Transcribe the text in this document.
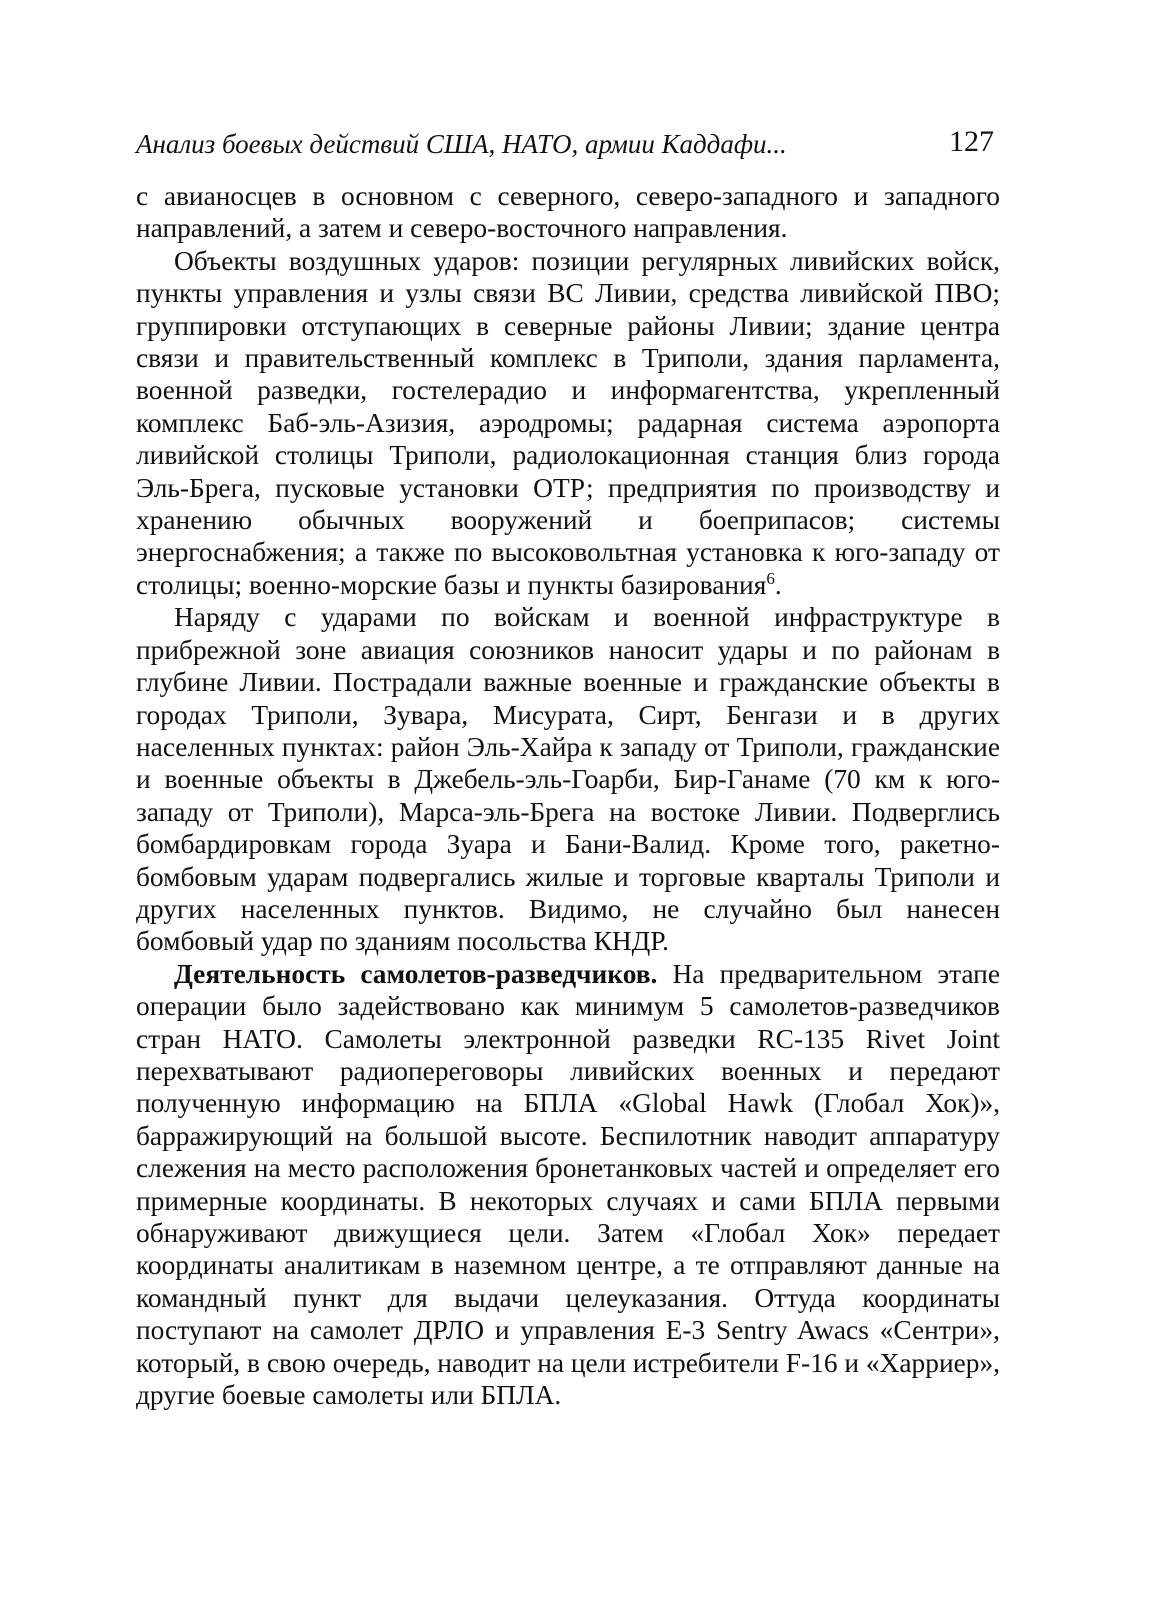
Анализ боевых действий США, НАТО, армии Каддафи...	127

с авианосцев в основном с северного, северо-западного и западного направлений, а затем и северо-восточного направления.

Объекты воздушных ударов: позиции регулярных ливийских войск, пункты управления и узлы связи ВС Ливии, средства ливийской ПВО; группировки отступающих в северные районы Ливии; здание центра связи и правительственный комплекс в Триполи, здания парламента, военной разведки, гостелерадио и информагентства, укрепленный комплекс Баб-эль-Азизия, аэродромы; радарная система аэропорта ливийской столицы Триполи, радиолокационная станция близ города Эль-Брега, пусковые установки ОТР; предприятия по производству и хранению обычных вооружений и боеприпасов; системы энергоснабжения; а также по высоковольтная установка к юго-западу от столицы; военно-морские базы и пункты базирования$^6$.

Наряду с ударами по войскам и военной инфраструктуре в прибрежной зоне авиация союзников наносит удары и по районам в глубине Ливии. Пострадали важные военные и гражданские объекты в городах Триполи, Зувара, Мисурата, Сирт, Бенгази и в других населенных пунктах: район Эль-Хайра к западу от Триполи, гражданские и военные объекты в Джебель-эль-Гоарби, Бир-Ганаме (70 км к юго-западу от Триполи), Марса-эль-Брега на востоке Ливии. Подверглись бомбардировкам города Зуара и Бани-Валид. Кроме того, ракетно-бомбовым ударам подвергались жилые и торговые кварталы Триполи и других населенных пунктов. Видимо, не случайно был нанесен бомбовый удар по зданиям посольства КНДР.

Деятельность самолетов-разведчиков. На предварительном этапе операции было задействовано как минимум 5 самолетов-разведчиков стран НАТО. Самолеты электронной разведки RC-135 Rivet Joint перехватывают радиопереговоры ливийских военных и передают полученную информацию на БПЛА «Global Hawk (Глобал Хок)», барражирующий на большой высоте. Беспилотник наводит аппаратуру слежения на место расположения бронетанковых частей и определяет его примерные координаты. В некоторых случаях и сами БПЛА первыми обнаруживают движущиеся цели. Затем «Глобал Хок» передает координаты аналитикам в наземном центре, а те отправляют данные на командный пункт для выдачи целеуказания. Оттуда координаты поступают на самолет ДРЛО и управления Е-3 Sentry Awacs «Сентри», который, в свою очередь, наводит на цели истребители F-16 и «Харриер», другие боевые самолеты или БПЛА.
